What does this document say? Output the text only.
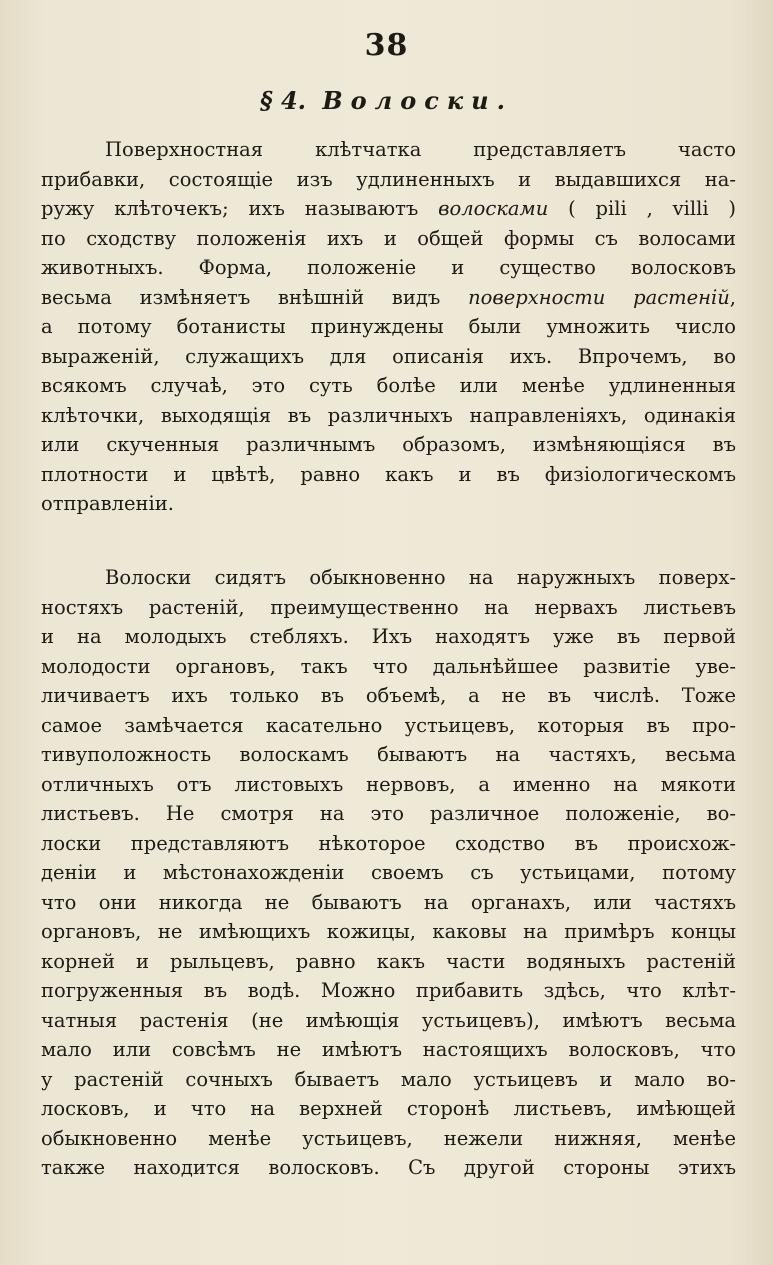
38
§ 4. Волоски.
Поверхностная клѣтчатка представляетъ часто
прибавки, состоящіе изъ удлиненныхъ и выдавшихся на-
ружу клѣточекъ; ихъ называютъ волосками ( pili , villi )
по сходству положенія ихъ и общей формы съ волосами
животныхъ. Форма, положеніе и существо волосковъ
весьма измѣняетъ внѣшній видъ поверхности растеній,
а потому ботанисты принуждены были умножить число
выраженій, служащихъ для описанія ихъ. Впрочемъ, во
всякомъ случаѣ, это суть болѣе или менѣе удлиненныя
клѣточки, выходящія въ различныхъ направленіяхъ, одинакія
или скученныя различнымъ образомъ, измѣняющіяся въ
плотности и цвѣтѣ, равно какъ и въ физіологическомъ
отправленіи.
Волоски сидятъ обыкновенно на наружныхъ поверх-
ностяхъ растеній, преимущественно на нервахъ листьевъ
и на молодыхъ стебляхъ. Ихъ находятъ уже въ первой
молодости органовъ, такъ что дальнѣйшее развитіе уве-
личиваетъ ихъ только въ объемѣ, а не въ числѣ. Тоже
самое замѣчается касательно устьицевъ, которыя въ про-
тивуположность волоскамъ бываютъ на частяхъ, весьма
отличныхъ отъ листовыхъ нервовъ, а именно на мякоти
листьевъ. Не смотря на это различное положеніе, во-
лоски представляютъ нѣкоторое сходство въ происхож-
деніи и мѣстонахожденіи своемъ съ устьицами, потому
что они никогда не бываютъ на органахъ, или частяхъ
органовъ, не имѣющихъ кожицы, каковы на примѣръ концы
корней и рыльцевъ, равно какъ части водяныхъ растеній
погруженныя въ водѣ. Можно прибавить здѣсь, что клѣт-
чатныя растенія (не имѣющія устьицевъ), имѣютъ весьма
мало или совсѣмъ не имѣютъ настоящихъ волосковъ, что
у растеній сочныхъ бываетъ мало устьицевъ и мало во-
лосковъ, и что на верхней сторонѣ листьевъ, имѣющей
обыкновенно менѣе устьицевъ, нежели нижняя, менѣе
также находится волосковъ. Съ другой стороны этихъ
